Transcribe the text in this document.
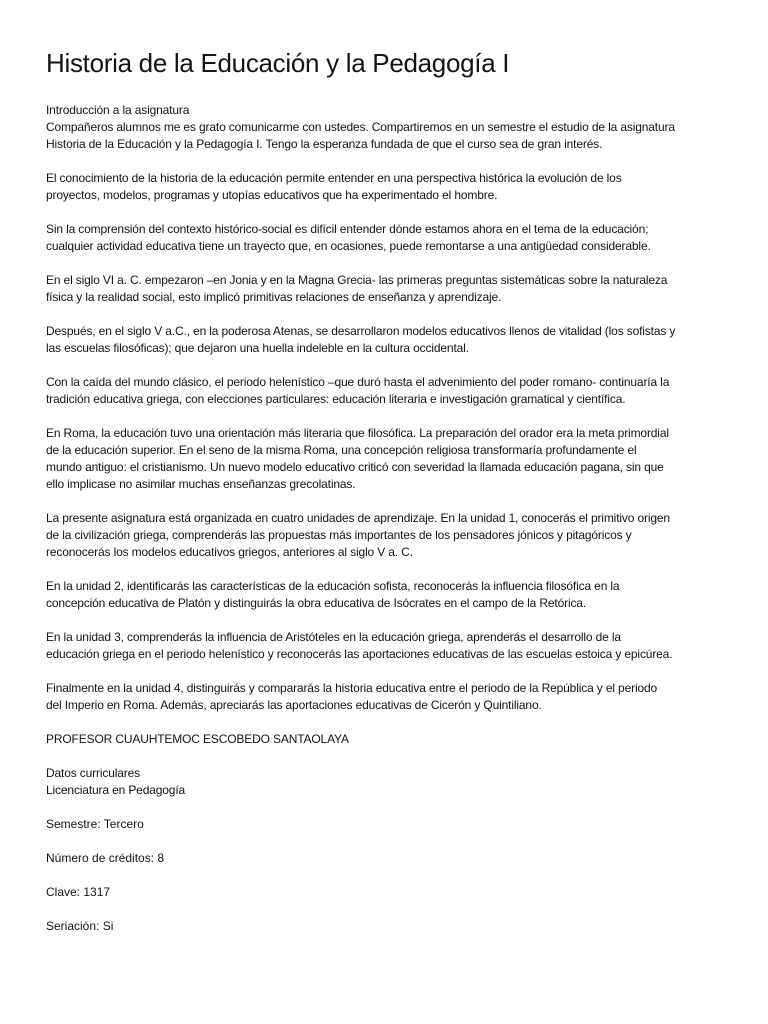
Historia de la Educación y la Pedagogía I
Introducción a la asignatura
Compañeros alumnos me es grato comunicarme con ustedes. Compartiremos en un semestre el estudio de la asignatura
Historia de la Educación y la Pedagogía I. Tengo la esperanza fundada de que el curso sea de gran interés.
El conocimiento de la historia de la educación permite entender en una perspectiva histórica la evolución de los
proyectos, modelos, programas y utopías educativos que ha experimentado el hombre.
Sin la comprensión del contexto histórico-social es difícil entender dónde estamos ahora en el tema de la educación;
cualquier actividad educativa tiene un trayecto que, en ocasiones, puede remontarse a una antigüedad considerable.
En el siglo VI a. C. empezaron –en Jonia y en la Magna Grecia- las primeras preguntas sistemáticas sobre la naturaleza
física y la realidad social, esto implicó primitivas relaciones de enseñanza y aprendizaje.
Después, en el siglo V a.C., en la poderosa Atenas, se desarrollaron modelos educativos llenos de vitalidad (los sofistas y
las escuelas filosóficas); que dejaron una huella indeleble en la cultura occidental.
Con la caída del mundo clásico, el periodo helenístico –que duró hasta el advenimiento del poder romano- continuaría la
tradición educativa griega, con elecciones particulares: educación literaria e investigación gramatical y científica.
En Roma, la educación tuvo una orientación más literaria que filosófica. La preparación del orador era la meta primordial
de la educación superior. En el seno de la misma Roma, una concepción religiosa transformaría profundamente el
mundo antiguo: el cristianismo. Un nuevo modelo educativo criticó con severidad la llamada educación pagana, sin que
ello implicase no asimilar muchas enseñanzas grecolatinas.
La presente asignatura está organizada en cuatro unidades de aprendizaje. En la unidad 1, conocerás el primitivo origen
de la civilización griega, comprenderás las propuestas más importantes de los pensadores jónicos y pitagóricos y
reconocerás los modelos educativos griegos, anteriores al siglo V a. C.
En la unidad 2, identificarás las características de la educación sofista, reconocerás la influencia filosófica en la
concepción educativa de Platón y distinguirás la obra educativa de Isócrates en el campo de la Retórica.
En la unidad 3, comprenderás la influencia de Aristóteles en la educación griega, aprenderás el desarrollo de la
educación griega en el periodo helenístico y reconocerás las aportaciones educativas de las escuelas estoica y epicúrea.
Finalmente en la unidad 4, distinguirás y compararás la historia educativa entre el periodo de la República y el periodo
del Imperio en Roma. Además, apreciarás las aportaciones educativas de Cicerón y Quintiliano.
PROFESOR CUAUHTEMOC ESCOBEDO SANTAOLAYA
Datos curriculares
Licenciatura en Pedagogía
Semestre: Tercero
Número de créditos: 8
Clave: 1317
Seriación: Si
